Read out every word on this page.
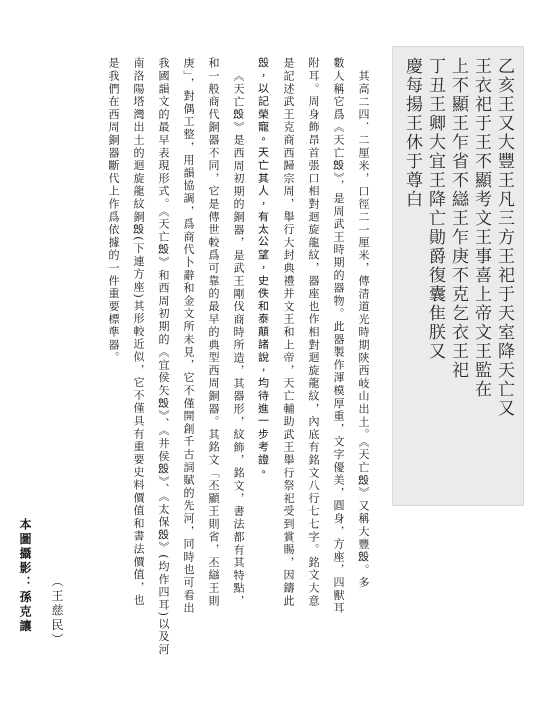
乙亥王又大豐王凡三方王祀于天室降天亡又
王衣祀于王不顯考文王事喜上帝文王監在
上不顯王乍省不䜌王乍庚不克乞衣王祀
丁丑王卿大宜王降亡勛爵復囊隹朕又
慶每揚王休于尊白
其高二四．二厘米，口徑二一厘米，傳清道光時期陝西岐山出土。《天亡𣪕》又稱大豐𣪕。多
數人稱它爲《天亡𣪕》，是周武王時期的器物。此器製作渾模厚重，文字優美，圓身，方座，四獸耳
附耳。周身飾昂首張口相對迴旋龍紋，器座也作相對迴旋龍紋，內底有銘文八行七七字。銘文大意
是記述武王克商西歸宗周，舉行大封典禮并文王和上帝，天亡輔助武王舉行祭祀受到賞賜，因鑄此
𣪕，以記榮寵。天亡其人，有太公望，史佚和泰顛諸說，均待進一步考證。
《天亡𣪕》是西周初期的銅器，是武王剛伐商時所造，其器形，紋飾，銘文，書法都有其特點，
和一般商代銅器不同，它是傳世較爲可靠的最早的典型西周銅器。其銘文「丕顯王則省，丕䜌王則
庚」，對偶工整，用韻協調，爲商代卜辭和金文所未見，它不僅開創千古詞賦的先河，同時也可看出
我國韻文的最早表現形式。《天亡𣪕》和西周初期的《宜侯矢𣪕》、《井侯𣪕》、《太保𣪕》(均作四耳)以及河
南洛陽塔灣出土的迴旋龍紋銅𣪕(下連方座)其形較近似，它不僅具有重要史料價值和書法價值，也
是我們在西周銅器斷代上作爲依據的一件重要標準器。
（王慈民）
本圖攝影：孫克讓
